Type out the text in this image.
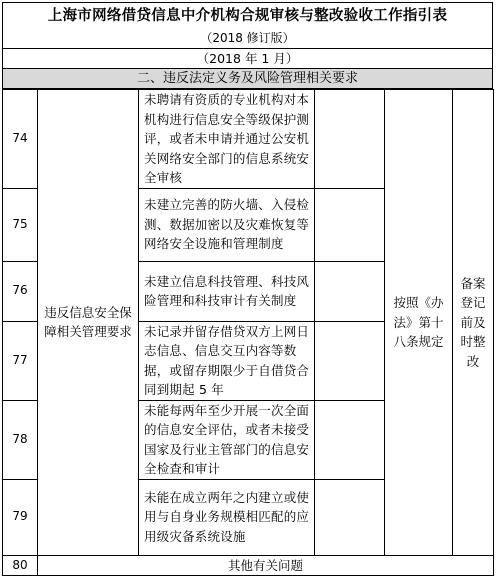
上海市网络借贷信息中介机构合规审核与整改验收工作指引表
（2018 修订版）
（2018 年 1 月）
二、违反法定义务及风险管理相关要求
74	违反信息安全保障相关管理要求	未聘请有资质的专业机构对本机构进行信息安全等级保护测评，或者未申请并通过公安机关网络安全部门的信息系统安全审核		按照《办法》第十八条规定	备案登记前及时整改
75		未建立完善的防火墙、入侵检测、数据加密以及灾难恢复等网络安全设施和管理制度			
76		未建立信息科技管理、科技风险管理和科技审计有关制度			
77		未记录并留存借贷双方上网日志信息、信息交互内容等数据，或留存期限少于自借贷合同到期起 5 年			
78		未能每两年至少开展一次全面的信息安全评估，或者未接受国家及行业主管部门的信息安全检查和审计			
79		未能在成立两年之内建立或使用与自身业务规模相匹配的应用级灾备系统设施			
80	其他有关问题				
